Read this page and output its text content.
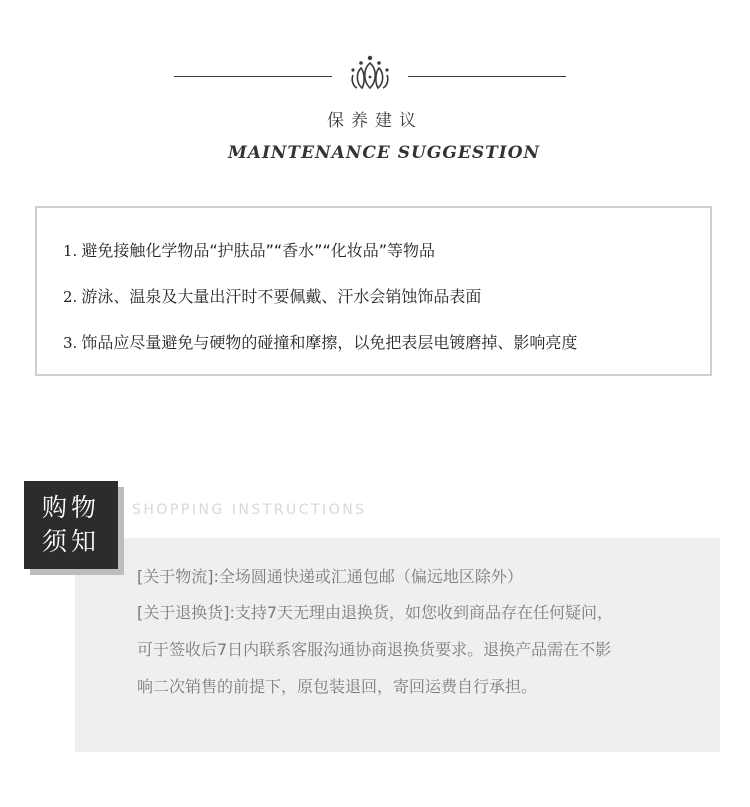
保养建议
MAINTENANCE SUGGESTION
1. 避免接触化学物品“护肤品”“香水”“化妆品”等物品
2. 游泳、温泉及大量出汗时不要佩戴、汗水会销蚀饰品表面
3. 饰品应尽量避免与硬物的碰撞和摩擦，以免把表层电镀磨掉、影响亮度
购物
须知
SHOPPING INSTRUCTIONS
[关于物流]:全场圆通快递或汇通包邮（偏远地区除外）
[关于退换货]:支持7天无理由退换货，如您收到商品存在任何疑问，
可于签收后7日内联系客服沟通协商退换货要求。退换产品需在不影
响二次销售的前提下，原包装退回，寄回运费自行承担。
